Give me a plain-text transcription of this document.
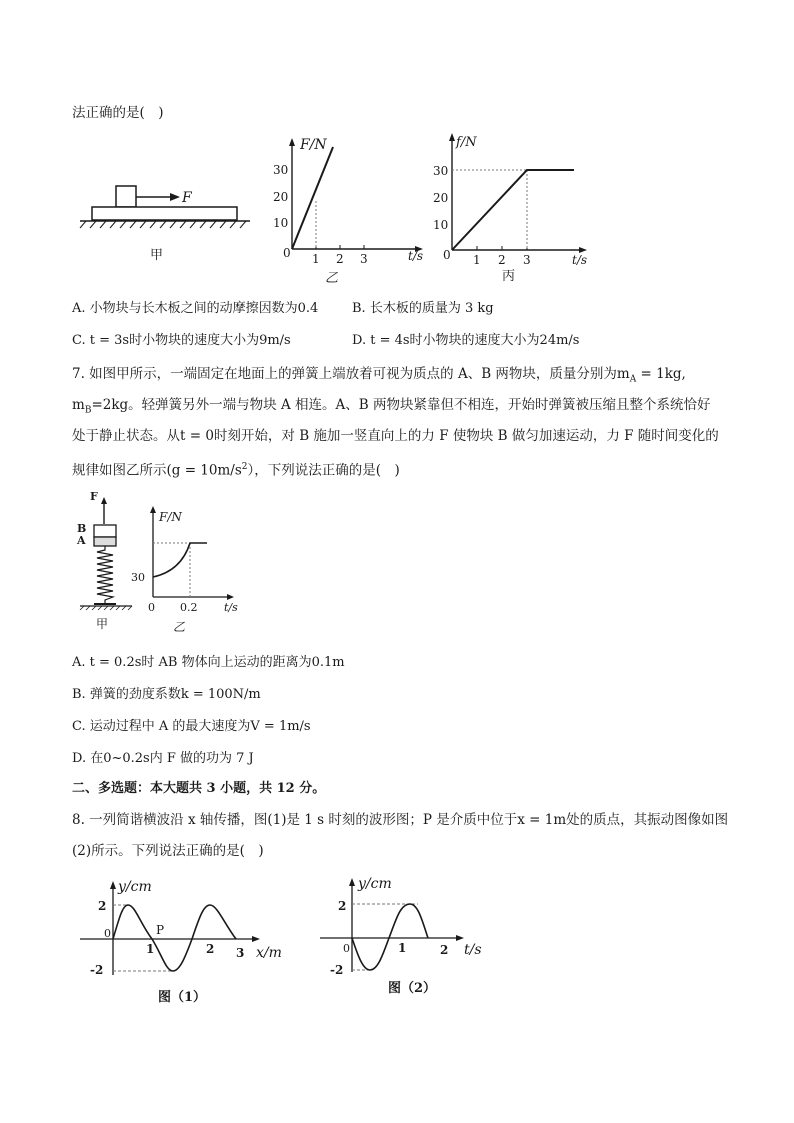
法正确的是(　)
F
甲
F/N
t/s
30
20
10
0 1 2 3
乙
f/N
t/s
30
20
10
0 1 2 3
丙
A. 小物块与长木板之间的动摩擦因数为0.4	B. 长木板的质量为 3 kg
C. t = 3s时小物块的速度大小为9m/s	D. t = 4s时小物块的速度大小为24m/s
7. 如图甲所示，一端固定在地面上的弹簧上端放着可视为质点的 A、B 两物块，质量分别为$m_A = 1kg$,
$m_B=2kg$。轻弹簧另外一端与物块 A 相连。A、B 两物块紧靠但不相连，开始时弹簧被压缩且整个系统恰好
处于静止状态。从t = 0时刻开始，对 B 施加一竖直向上的力 F 使物块 B 做匀加速运动，力 F 随时间变化的
规律如图乙所示$(g = 10m/s^2)$，下列说法正确的是(　)
F
B
A
甲
F/N
t/s
30
0 0.2
乙
A. t = 0.2s时 AB 物体向上运动的距离为0.1m
B. 弹簧的劲度系数k = 100N/m
C. 运动过程中 A 的最大速度为V = 1m/s
D. 在0~0.2s内 F 做的功为 7 J
二、多选题：本大题共 3 小题，共 12 分。
8. 一列简谐横波沿 x 轴传播，图(1)是 1 s 时刻的波形图；P 是介质中位于x = 1m处的质点，其振动图像如图
(2)所示。下列说法正确的是(　)
y/cm
x/m
2
-2
0
1	2 3
P
图（1）
y/cm
t/s
2
-2
0	1	2
图（2）
